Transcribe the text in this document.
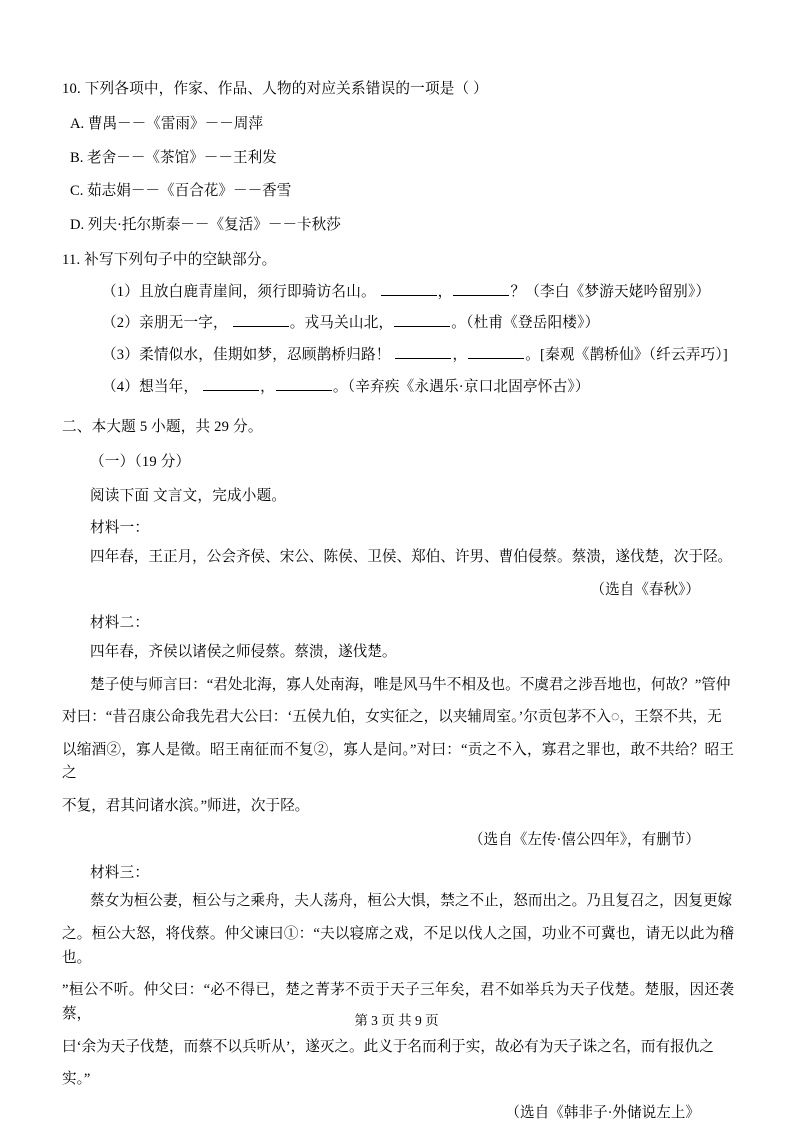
10. 下列各项中，作家、作品、人物的对应关系错误的一项是（ ）

A. 曹禺－－《雷雨》－－周萍

B. 老舍－－《茶馆》－－王利发

C. 茹志娟－－《百合花》－－香雪

D. 列夫·托尔斯泰－－《复活》－－卡秋莎

11. 补写下列句子中的空缺部分。

（1）且放白鹿青崖间，须行即骑访名山。	，	？（李白《梦游天姥吟留别》）

（2）亲朋无一字，	。戎马关山北，	。（杜甫《登岳阳楼》）

（3）柔情似水，佳期如梦，忍顾鹊桥归路！	，	。[秦观《鹊桥仙》（纤云弄巧）]

（4）想当年，	，	。（辛弃疾《永遇乐·京口北固亭怀古》）

二、本大题 5 小题，共 29 分。

（一）（19 分）

阅读下面 文言文，完成小题。

材料一：

四年春，王正月，公会齐侯、宋公、陈侯、卫侯、郑伯、许男、曹伯侵蔡。蔡溃，遂伐楚，次于陉。

（选自《春秋》）

材料二：

四年春，齐侯以诸侯之师侵蔡。蔡溃，遂伐楚。

楚子使与师言曰：“君处北海，寡人处南海，唯是风马牛不相及也。不虞君之涉吾地也，何故？”管仲

对曰：“昔召康公命我先君大公曰：‘五侯九伯，女实征之，以夹辅周室。’尔贡包茅不入◌，王祭不共，无

以缩酒②，寡人是徵。昭王南征而不复②，寡人是问。”对曰：“贡之不入，寡君之罪也，敢不共给？昭王之

不复，君其问诸水滨。”师进，次于陉。

（选自《左传·僖公四年》，有删节）

材料三：

蔡女为桓公妻，桓公与之乘舟，夫人荡舟，桓公大惧，禁之不止，怒而出之。乃且复召之，因复更嫁

之。桓公大怒，将伐蔡。仲父谏曰①：“夫以寝席之戏，不足以伐人之国，功业不可冀也，请无以此为稽也。

”桓公不听。仲父曰：“必不得已，楚之菁茅不贡于天子三年矣，君不如举兵为天子伐楚。楚服，因还袭蔡，

曰‘余为天子伐楚，而蔡不以兵听从’，遂灭之。此义于名而利于实，故必有为天子诛之名，而有报仇之

实。”

（选自《韩非子·外储说左上》

第 3 页 共 9 页
